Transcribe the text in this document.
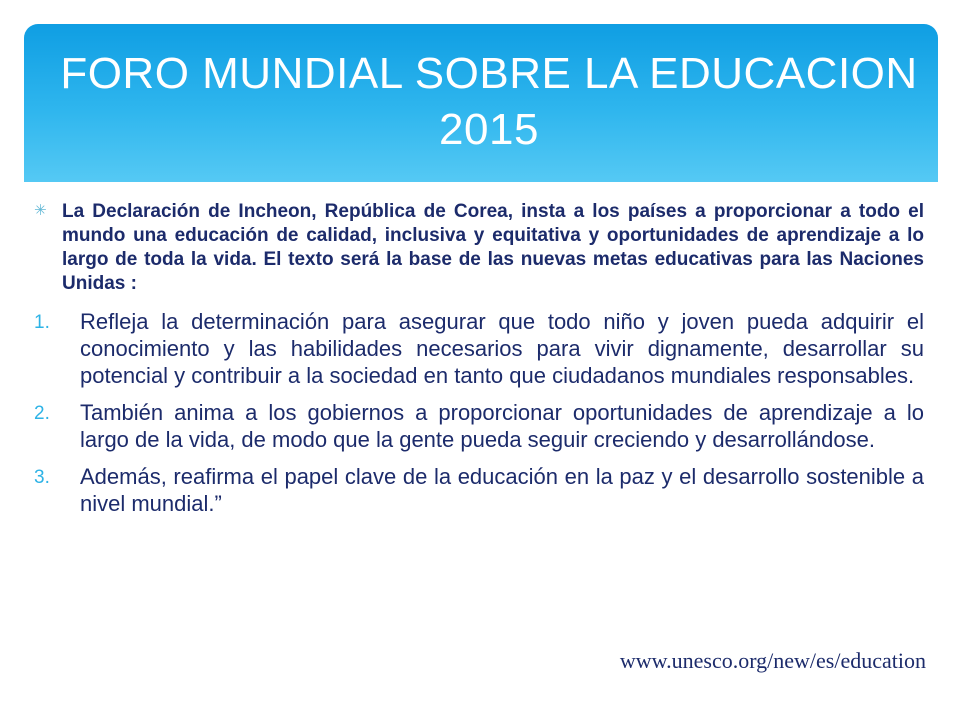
FORO MUNDIAL SOBRE LA EDUCACION 2015
✳ La Declaración de Incheon, República de Corea, insta a los países a proporcionar a todo el mundo una educación de calidad, inclusiva y equitativa y oportunidades de aprendizaje a lo largo de toda la vida. El texto será la base de las nuevas metas educativas para las Naciones Unidas :
1.	Refleja la determinación para asegurar que todo niño y joven pueda adquirir el conocimiento y las habilidades necesarios para vivir dignamente, desarrollar su potencial y contribuir a la sociedad en tanto que ciudadanos mundiales responsables.
2.	También anima a los gobiernos a proporcionar oportunidades de aprendizaje a lo largo de la vida, de modo que la gente pueda seguir creciendo y desarrollándose.
3.	Además, reafirma el papel clave de la educación en la paz y el desarrollo sostenible a nivel mundial.”
www.unesco.org/new/es/education
